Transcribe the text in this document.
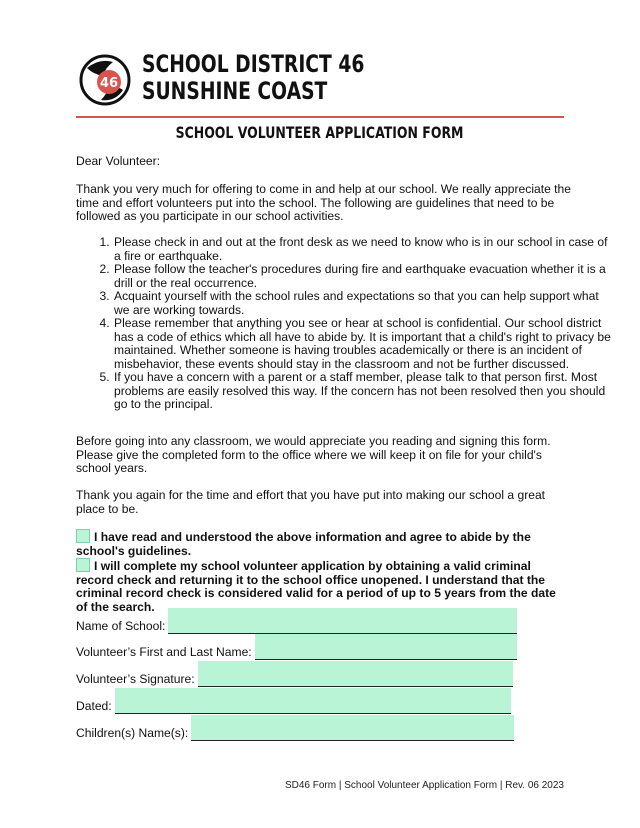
46
SCHOOL DISTRICT 46
SUNSHINE COAST
SCHOOL VOLUNTEER APPLICATION FORM
Dear Volunteer:
Thank you very much for offering to come in and help at our school. We really appreciate the time and effort volunteers put into the school. The following are guidelines that need to be followed as you participate in our school activities.
1. Please check in and out at the front desk as we need to know who is in our school in case of a fire or earthquake.
2. Please follow the teacher's procedures during fire and earthquake evacuation whether it is a drill or the real occurrence.
3. Acquaint yourself with the school rules and expectations so that you can help support what we are working towards.
4. Please remember that anything you see or hear at school is confidential. Our school district has a code of ethics which all have to abide by. It is important that a child's right to privacy be maintained. Whether someone is having troubles academically or there is an incident of misbehavior, these events should stay in the classroom and not be further discussed.
5. If you have a concern with a parent or a staff member, please talk to that person first. Most problems are easily resolved this way. If the concern has not been resolved then you should go to the principal.
Before going into any classroom, we would appreciate you reading and signing this form. Please give the completed form to the office where we will keep it on file for your child's school years.
Thank you again for the time and effort that you have put into making our school a great place to be.
I have read and understood the above information and agree to abide by the school's guidelines.
I will complete my school volunteer application by obtaining a valid criminal record check and returning it to the school office unopened. I understand that the criminal record check is considered valid for a period of up to 5 years from the date of the search.
Name of School:
Volunteer’s First and Last Name:
Volunteer’s Signature:
Dated:
Children(s) Name(s):
SD46 Form | School Volunteer Application Form | Rev. 06 2023
